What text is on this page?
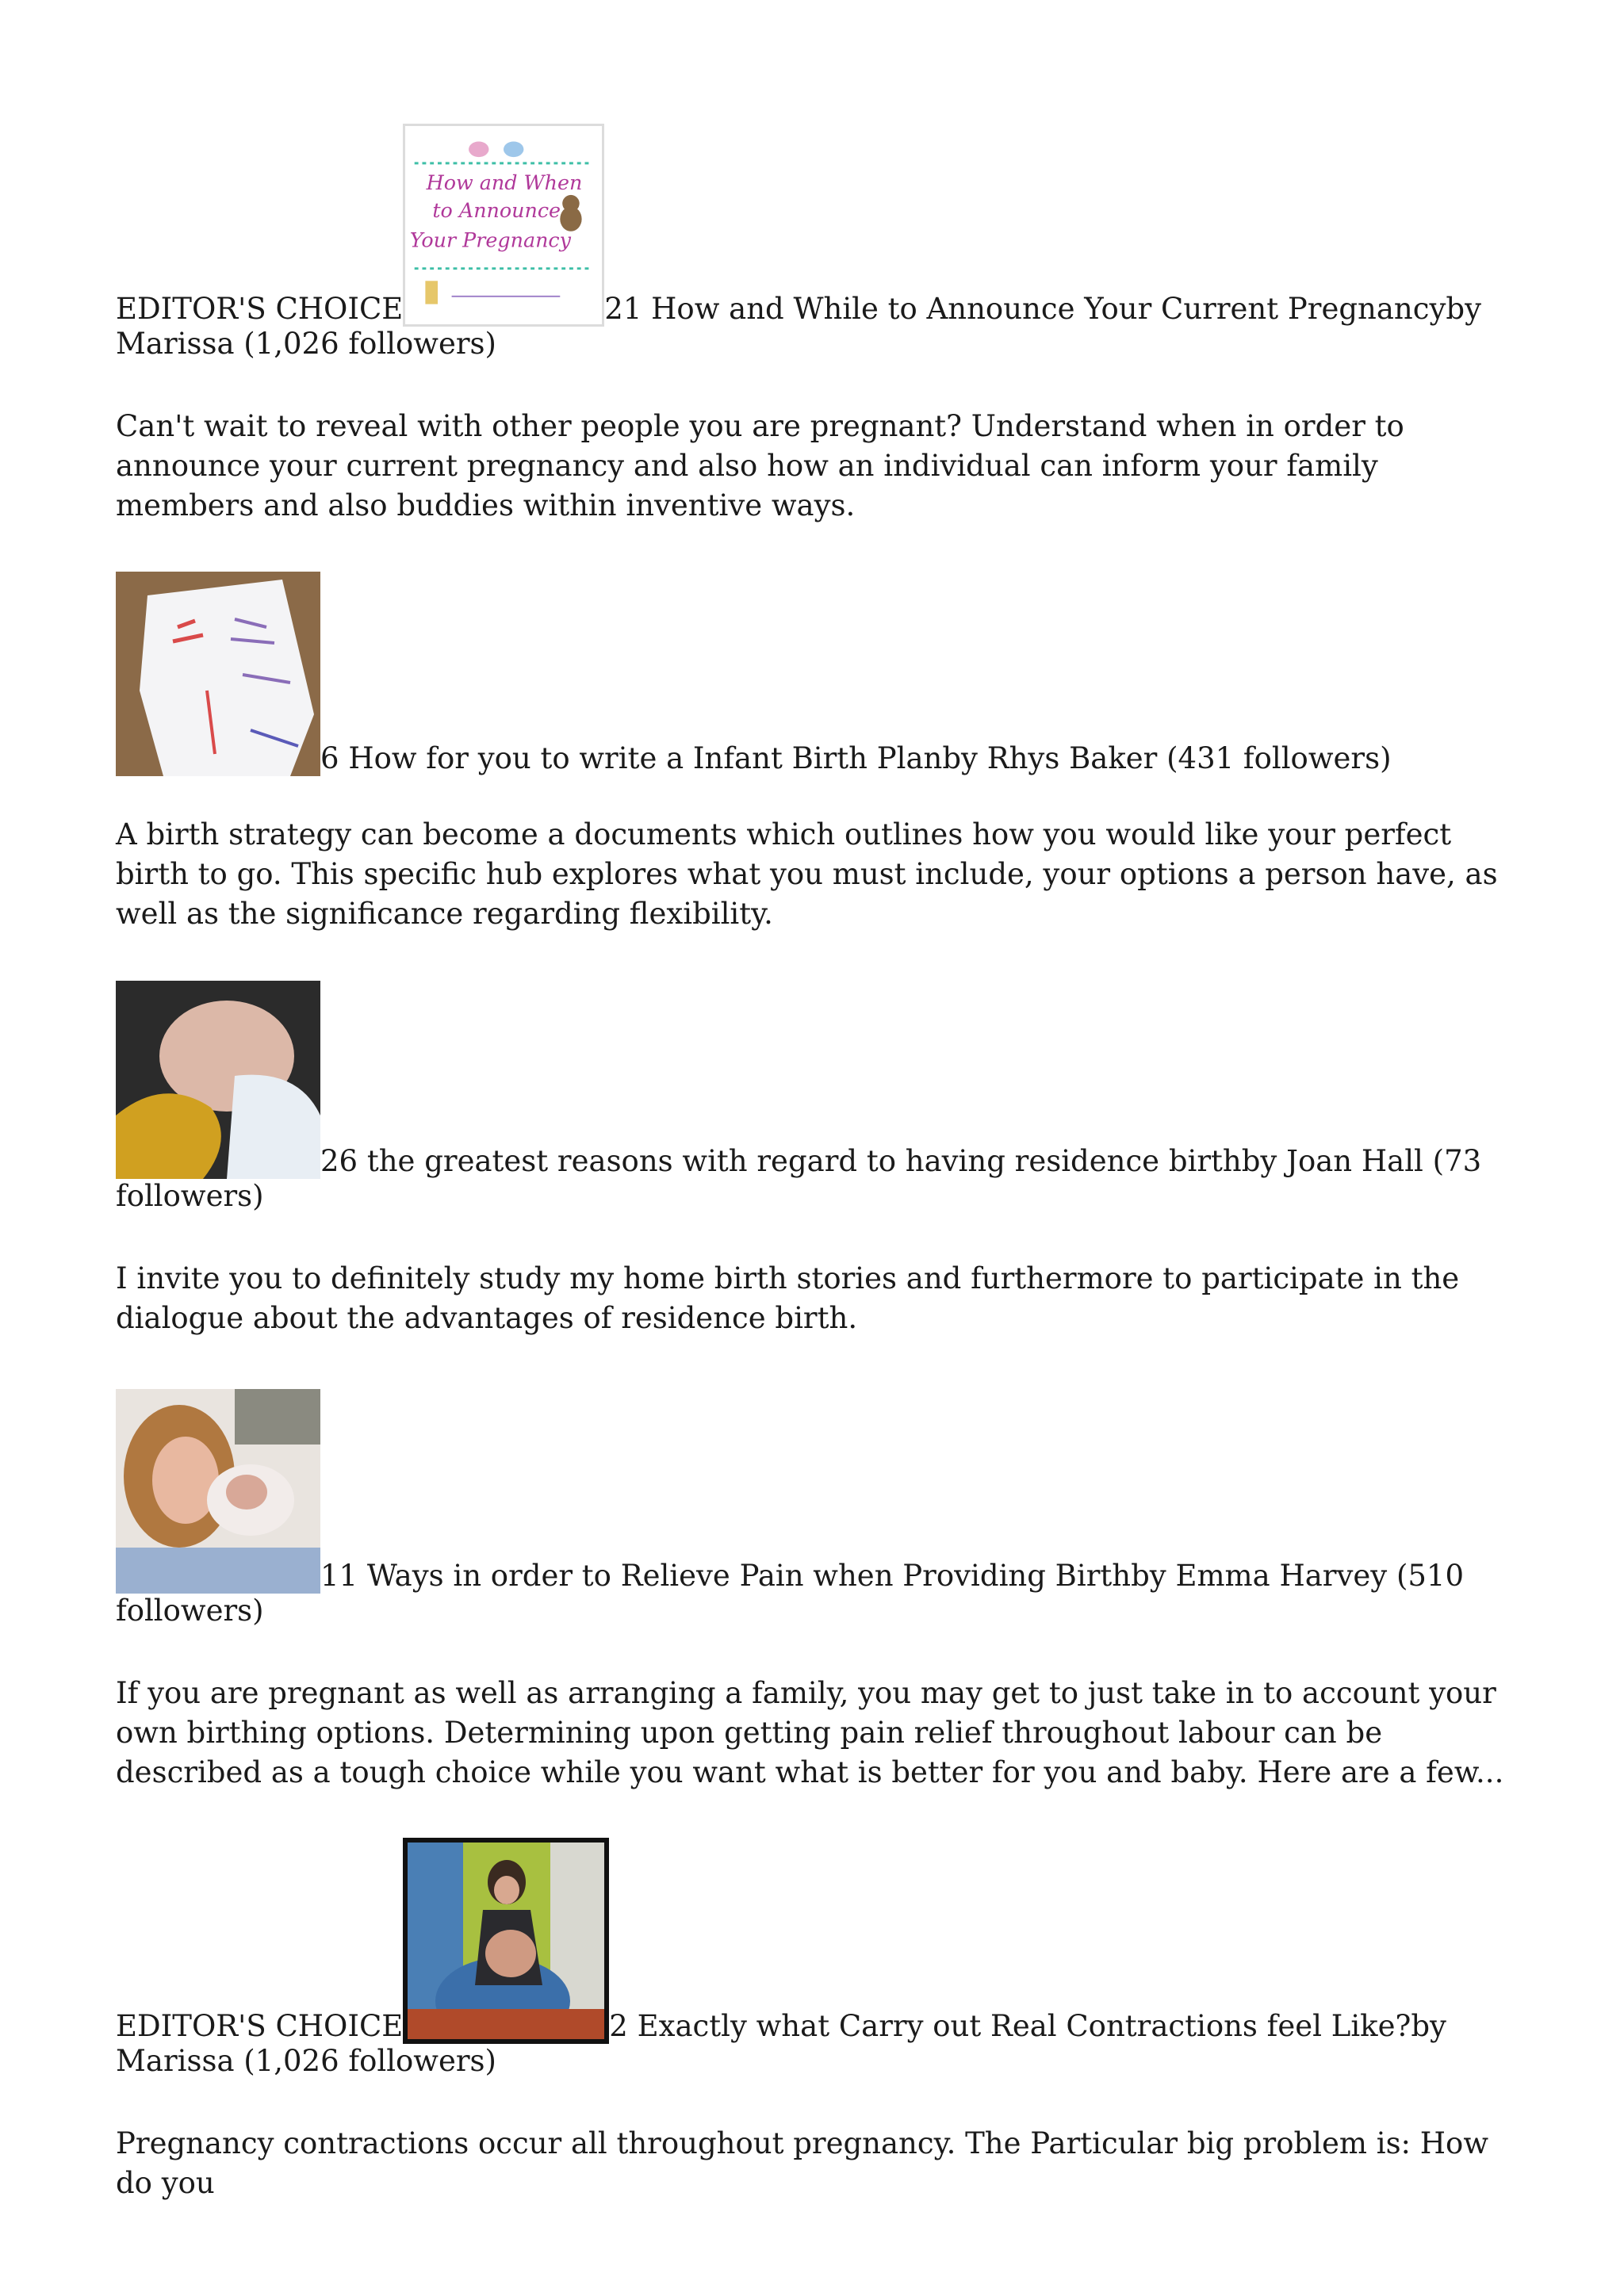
EDITOR'S CHOICE
How and When
to Announce
Your Pregnancy
21 How and While to Announce Your Current Pregnancyby Marissa (1,026 followers)

Can't wait to reveal with other people you are pregnant? Understand when in order to announce your current pregnancy and also how an individual can inform your family members and also buddies within inventive ways.

6 How for you to write a Infant Birth Planby Rhys Baker (431 followers)

A birth strategy can become a documents which outlines how you would like your perfect birth to go. This specific hub explores what you must include, your options a person have, as well as the significance regarding flexibility.

26 the greatest reasons with regard to having residence birthby Joan Hall (73 followers)

I invite you to definitely study my home birth stories and furthermore to participate in the dialogue about the advantages of residence birth.

11 Ways in order to Relieve Pain when Providing Birthby Emma Harvey (510 followers)

If you are pregnant as well as arranging a family, you may get to just take in to account your own birthing options. Determining upon getting pain relief throughout labour can be described as a tough choice while you want what is better for you and baby. Here are a few...

EDITOR'S CHOICE	2 Exactly what Carry out Real Contractions feel Like?by Marissa (1,026 followers)

Pregnancy contractions occur all throughout pregnancy. The Particular big problem is: How do you
